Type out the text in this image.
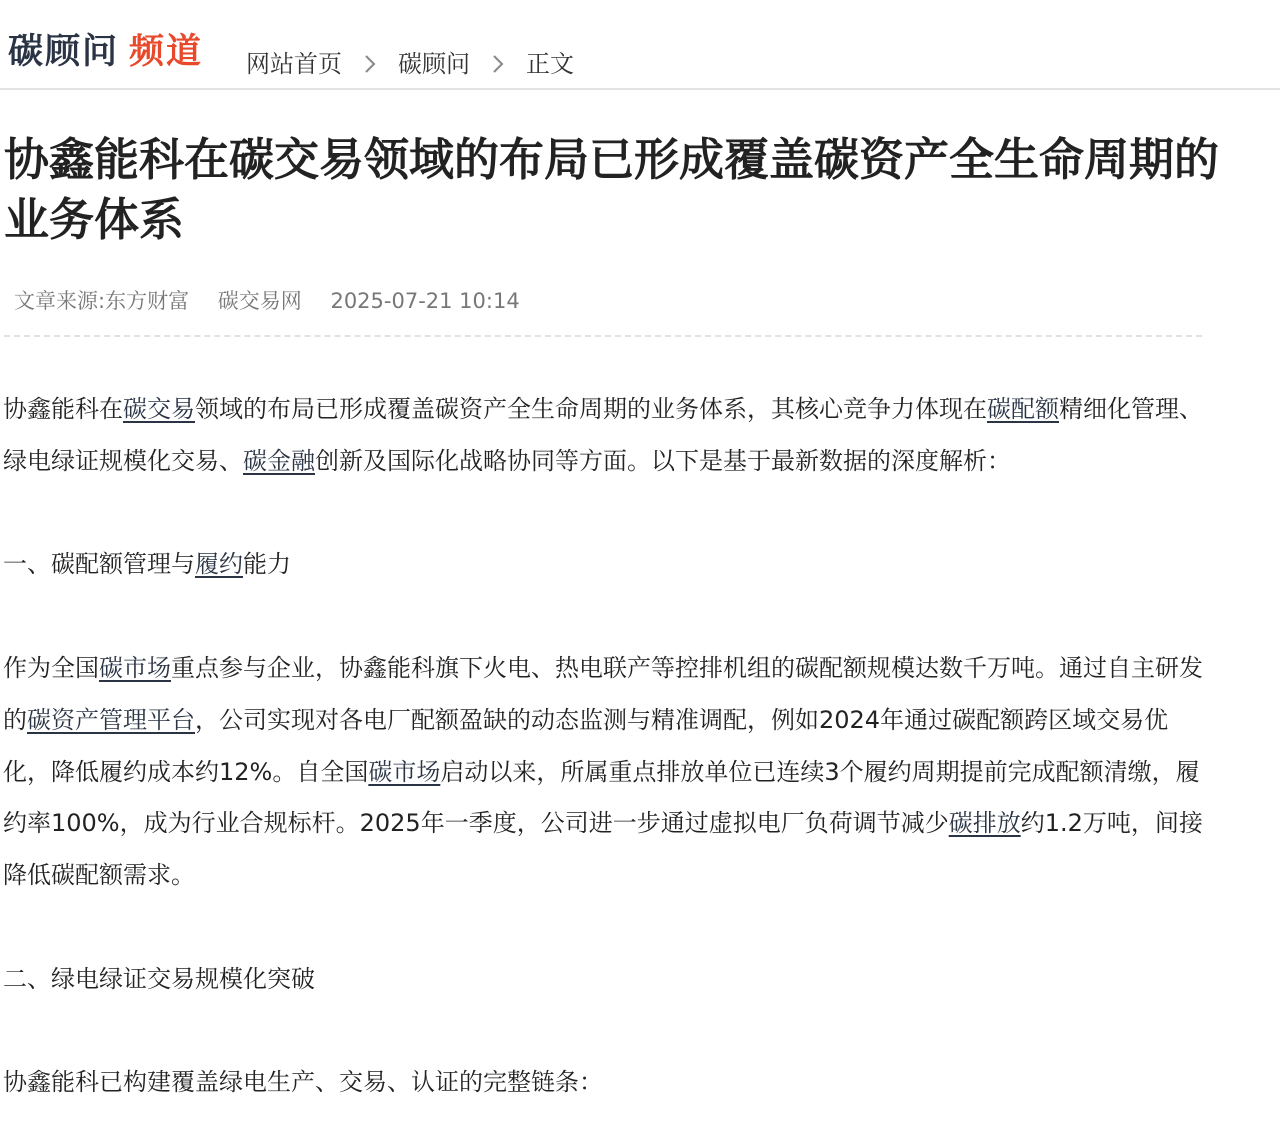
碳顾问 频道 网站首页 碳顾问 正文
协鑫能科在碳交易领域的布局已形成覆盖碳资产全生命周期的业务体系
文章来源:东方财富 碳交易网 2025-07-21 10:14

协鑫能科在碳交易领域的布局已形成覆盖碳资产全生命周期的业务体系，其核心竞争力体现在碳配额精细化管理、绿电绿证规模化交易、碳金融创新及国际化战略协同等方面。以下是基于最新数据的深度解析：

一、碳配额管理与履约能力

作为全国碳市场重点参与企业，协鑫能科旗下火电、热电联产等控排机组的碳配额规模达数千万吨。通过自主研发的碳资产管理平台，公司实现对各电厂配额盈缺的动态监测与精准调配，例如2024年通过碳配额跨区域交易优化，降低履约成本约12%。自全国碳市场启动以来，所属重点排放单位已连续3个履约周期提前完成配额清缴，履约率100%，成为行业合规标杆。2025年一季度，公司进一步通过虚拟电厂负荷调节减少碳排放约1.2万吨，间接降低碳配额需求。

二、绿电绿证交易规模化突破

协鑫能科已构建覆盖绿电生产、交易、认证的完整链条：
